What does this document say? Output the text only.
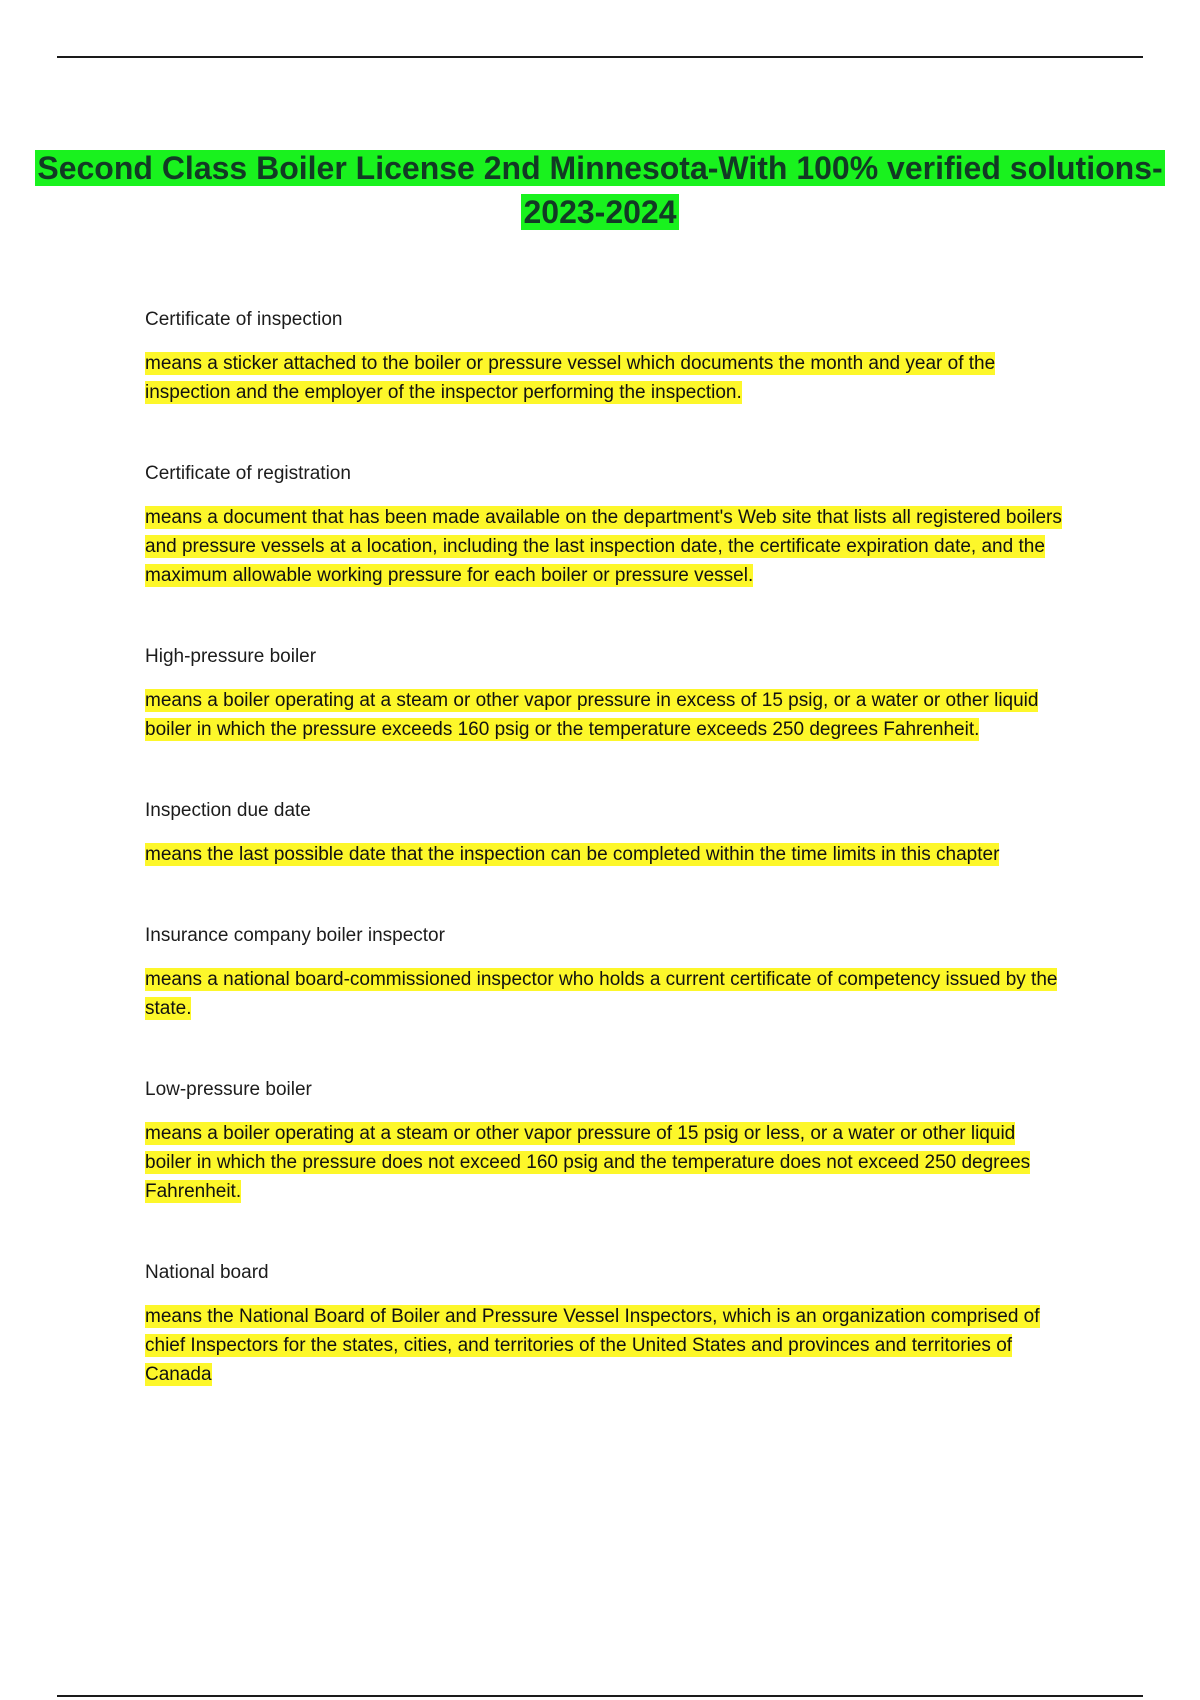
Second Class Boiler License 2nd Minnesota-With 100% verified solutions-2023-2024

Certificate of inspection

means a sticker attached to the boiler or pressure vessel which documents the month and year of the inspection and the employer of the inspector performing the inspection.

Certificate of registration

means a document that has been made available on the department's Web site that lists all registered boilers and pressure vessels at a location, including the last inspection date, the certificate expiration date, and the maximum allowable working pressure for each boiler or pressure vessel.

High-pressure boiler

means a boiler operating at a steam or other vapor pressure in excess of 15 psig, or a water or other liquid boiler in which the pressure exceeds 160 psig or the temperature exceeds 250 degrees Fahrenheit.

Inspection due date

means the last possible date that the inspection can be completed within the time limits in this chapter

Insurance company boiler inspector

means a national board-commissioned inspector who holds a current certificate of competency issued by the state.

Low-pressure boiler

means a boiler operating at a steam or other vapor pressure of 15 psig or less, or a water or other liquid boiler in which the pressure does not exceed 160 psig and the temperature does not exceed 250 degrees Fahrenheit.

National board

means the National Board of Boiler and Pressure Vessel Inspectors, which is an organization comprised of chief Inspectors for the states, cities, and territories of the United States and provinces and territories of Canada
